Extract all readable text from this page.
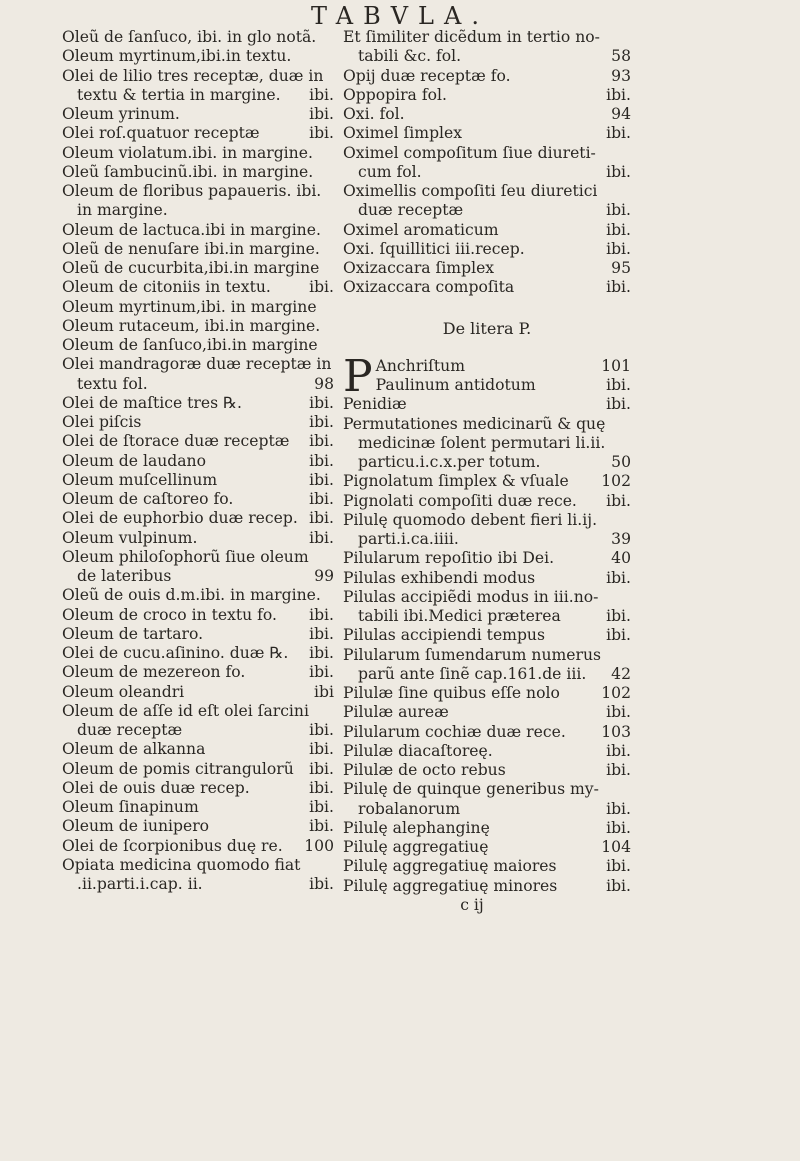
TABVLA.
Oleũ de ſanſuco, ibi. in glo notã.
Oleum myrtinum,ibi.in textu.
Olei de lilio tres receptæ, duæ in
textu & tertia in margine. ibi.
Oleum yrinum.	ibi.
Olei roſ.quatuor receptæ	ibi.
Oleum violatum.ibi. in margine.
Oleũ ſambucinũ.ibi. in margine.
Oleum de floribus papaueris. ibi.
in margine.
Oleum de lactuca.ibi in margine.
Oleũ de nenuſare ibi.in margine.
Oleũ de cucurbita,ibi.in margine
Oleum de citoniis in textu. ibi.
Oleum myrtinum,ibi. in margine
Oleum rutaceum, ibi.in margine.
Oleum de ſanſuco,ibi.in margine
Olei mandragoræ duæ receptæ in
textu fol.	98
Olei de maſtice tres ℞.	ibi.
Olei piſcis	ibi.
Olei de ſtorace duæ receptæ ibi.
Oleum de laudano	ibi.
Oleum muſcellinum	ibi.
Oleum de caſtoreo fo.	ibi.
Olei de euphorbio duæ recep. ibi.
Oleum vulpinum.	ibi.
Oleum philoſophorũ ſiue oleum
de lateribus	99
Oleũ de ouis d.m.ibi. in margine.
Oleum de croco in textu fo. ibi.
Oleum de tartaro.	ibi.
Olei de cucu.aſinino. duæ ℞. ibi.
Oleum de mezereon fo.	ibi.
Oleum oleandri	ibi
Oleum de aſſe id eſt olei ſarcini
duæ receptæ	ibi.
Oleum de alkanna	ibi.
Oleum de pomis citrangulorũ ibi.
Olei de ouis duæ recep.	ibi.
Oleum ſinapinum	ibi.
Oleum de iunipero	ibi.
Olei de ſcorpionibus duę re. 100
Opiata medicina quomodo fiat
.ii.parti.i.cap. ii.	ibi.
Et ſimiliter dicẽdum in tertio no-
tabili &c. fol.	58
Opij duæ receptæ fo.	93
Oppopira fol.	ibi.
Oxi. fol.	94
Oximel ſimplex	ibi.
Oximel compoſitum ſiue diureti-
cum fol.	ibi.
Oximellis compoſiti ſeu diuretici
duæ receptæ	ibi.
Oximel aromaticum	ibi.
Oxi. ſquillitici iii.recep.	ibi.
Oxizaccara ſimplex	95
Oxizaccara compoſita	ibi.
De litera P.
P Anchriſtum	101
Paulinum antidotum	ibi.
Penidiæ	ibi.
Permutationes medicinarũ & quę
medicinæ ſolent permutari li.ii.
particu.i.c.x.per totum.	50
Pignolatum ſimplex & vſuale 102
Pignolati compoſiti duæ rece. ibi.
Pilulę quomodo debent fieri li.ij.
parti.i.ca.iiii.	39
Pilularum repoſitio ibi Dei.	40
Pilulas exhibendi modus	ibi.
Pilulas accipiẽdi modus in iii.no-
tabili ibi.Medici præterea	ibi.
Pilulas accipiendi tempus	ibi.
Pilularum ſumendarum numerus
parũ ante ſinẽ cap.161.de iii. 42
Pilulæ ſine quibus eſſe nolo	102
Pilulæ aureæ	ibi.
Pilularum cochiæ duæ rece. 103
Pilulæ diacaſtoreę.	ibi.
Pilulæ de octo rebus	ibi.
Pilulę de quinque generibus my-
robalanorum	ibi.
Pilulę alephanginę	ibi.
Pilulę aggregatiuę	104
Pilulę aggregatiuę maiores	ibi.
Pilulę aggregatiuę minores	ibi.
c ij
